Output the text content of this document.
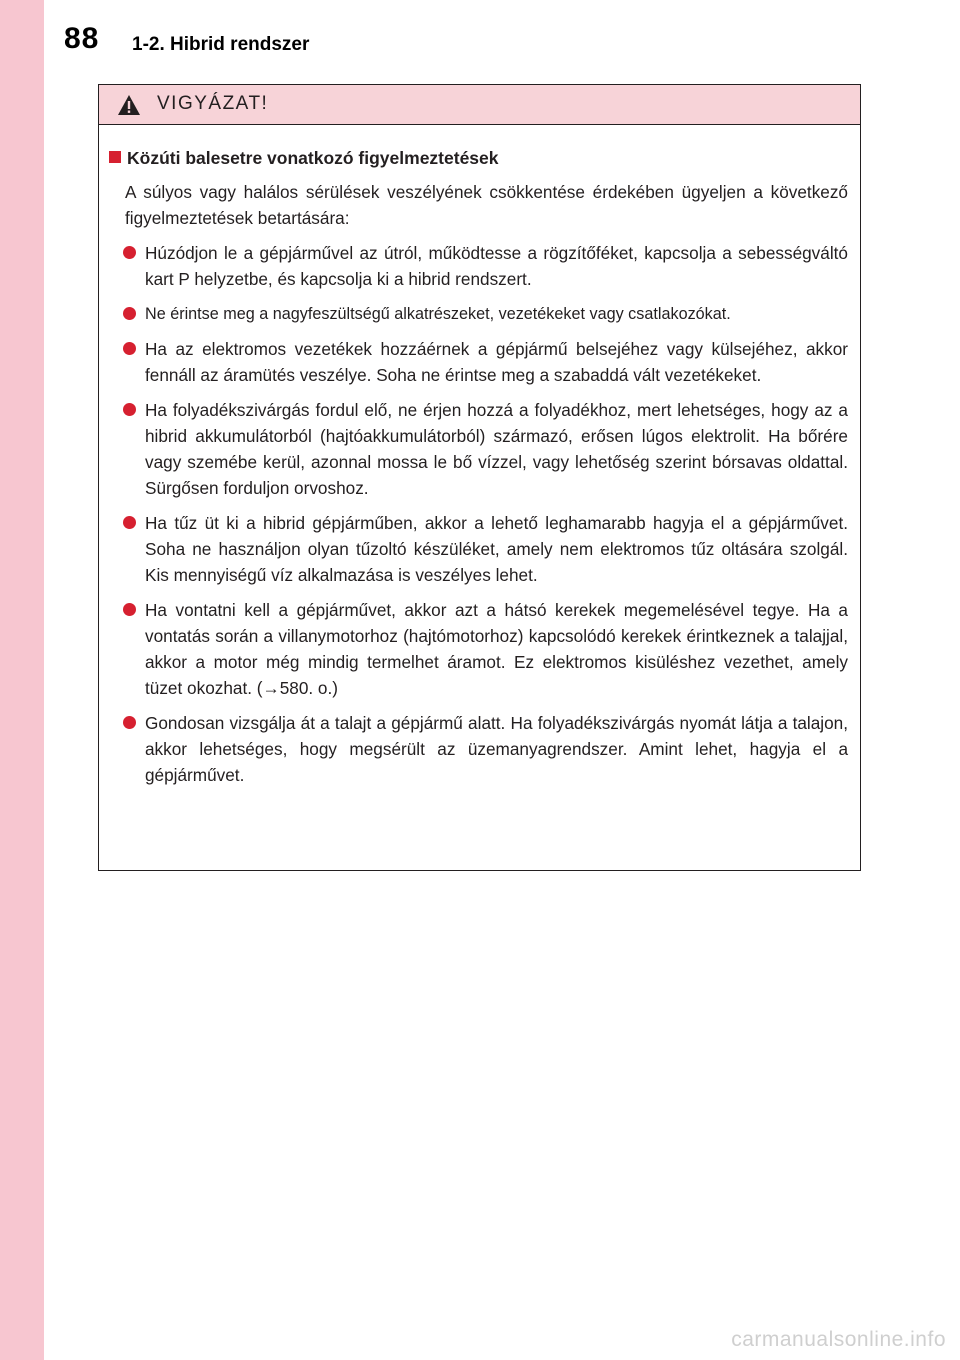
88 1-2. Hibrid rendszer
VIGYÁZAT!
Közúti balesetre vonatkozó figyelmeztetések
A súlyos vagy halálos sérülések veszélyének csökkentése érdekében ügyeljen a következő figyelmeztetések betartására:
Húzódjon le a gépjárművel az útról, működtesse a rögzítőféket, kapcsolja a sebességváltó kart P helyzetbe, és kapcsolja ki a hibrid rendszert.
Ne érintse meg a nagyfeszültségű alkatrészeket, vezetékeket vagy csatlakozókat.
Ha az elektromos vezetékek hozzáérnek a gépjármű belsejéhez vagy külsejéhez, akkor fennáll az áramütés veszélye. Soha ne érintse meg a szabaddá vált vezetékeket.
Ha folyadékszivárgás fordul elő, ne érjen hozzá a folyadékhoz, mert lehetséges, hogy az a hibrid akkumulátorból (hajtóakkumulátorból) származó, erősen lúgos elektrolit. Ha bőrére vagy szemébe kerül, azonnal mossa le bő vízzel, vagy lehetőség szerint bórsavas oldattal. Sürgősen forduljon orvoshoz.
Ha tűz üt ki a hibrid gépjárműben, akkor a lehető leghamarabb hagyja el a gépjárművet. Soha ne használjon olyan tűzoltó készüléket, amely nem elektromos tűz oltására szolgál. Kis mennyiségű víz alkalmazása is veszélyes lehet.
Ha vontatni kell a gépjárművet, akkor azt a hátsó kerekek megemelésével tegye. Ha a vontatás során a villanymotorhoz (hajtómotorhoz) kapcsolódó kerekek érintkeznek a talajjal, akkor a motor még mindig termelhet áramot. Ez elektromos kisüléshez vezethet, amely tüzet okozhat. (→580. o.)
Gondosan vizsgálja át a talajt a gépjármű alatt. Ha folyadékszivárgás nyomát látja a talajon, akkor lehetséges, hogy megsérült az üzemanyagrendszer. Amint lehet, hagyja el a gépjárművet.
carmanualsonline.info
